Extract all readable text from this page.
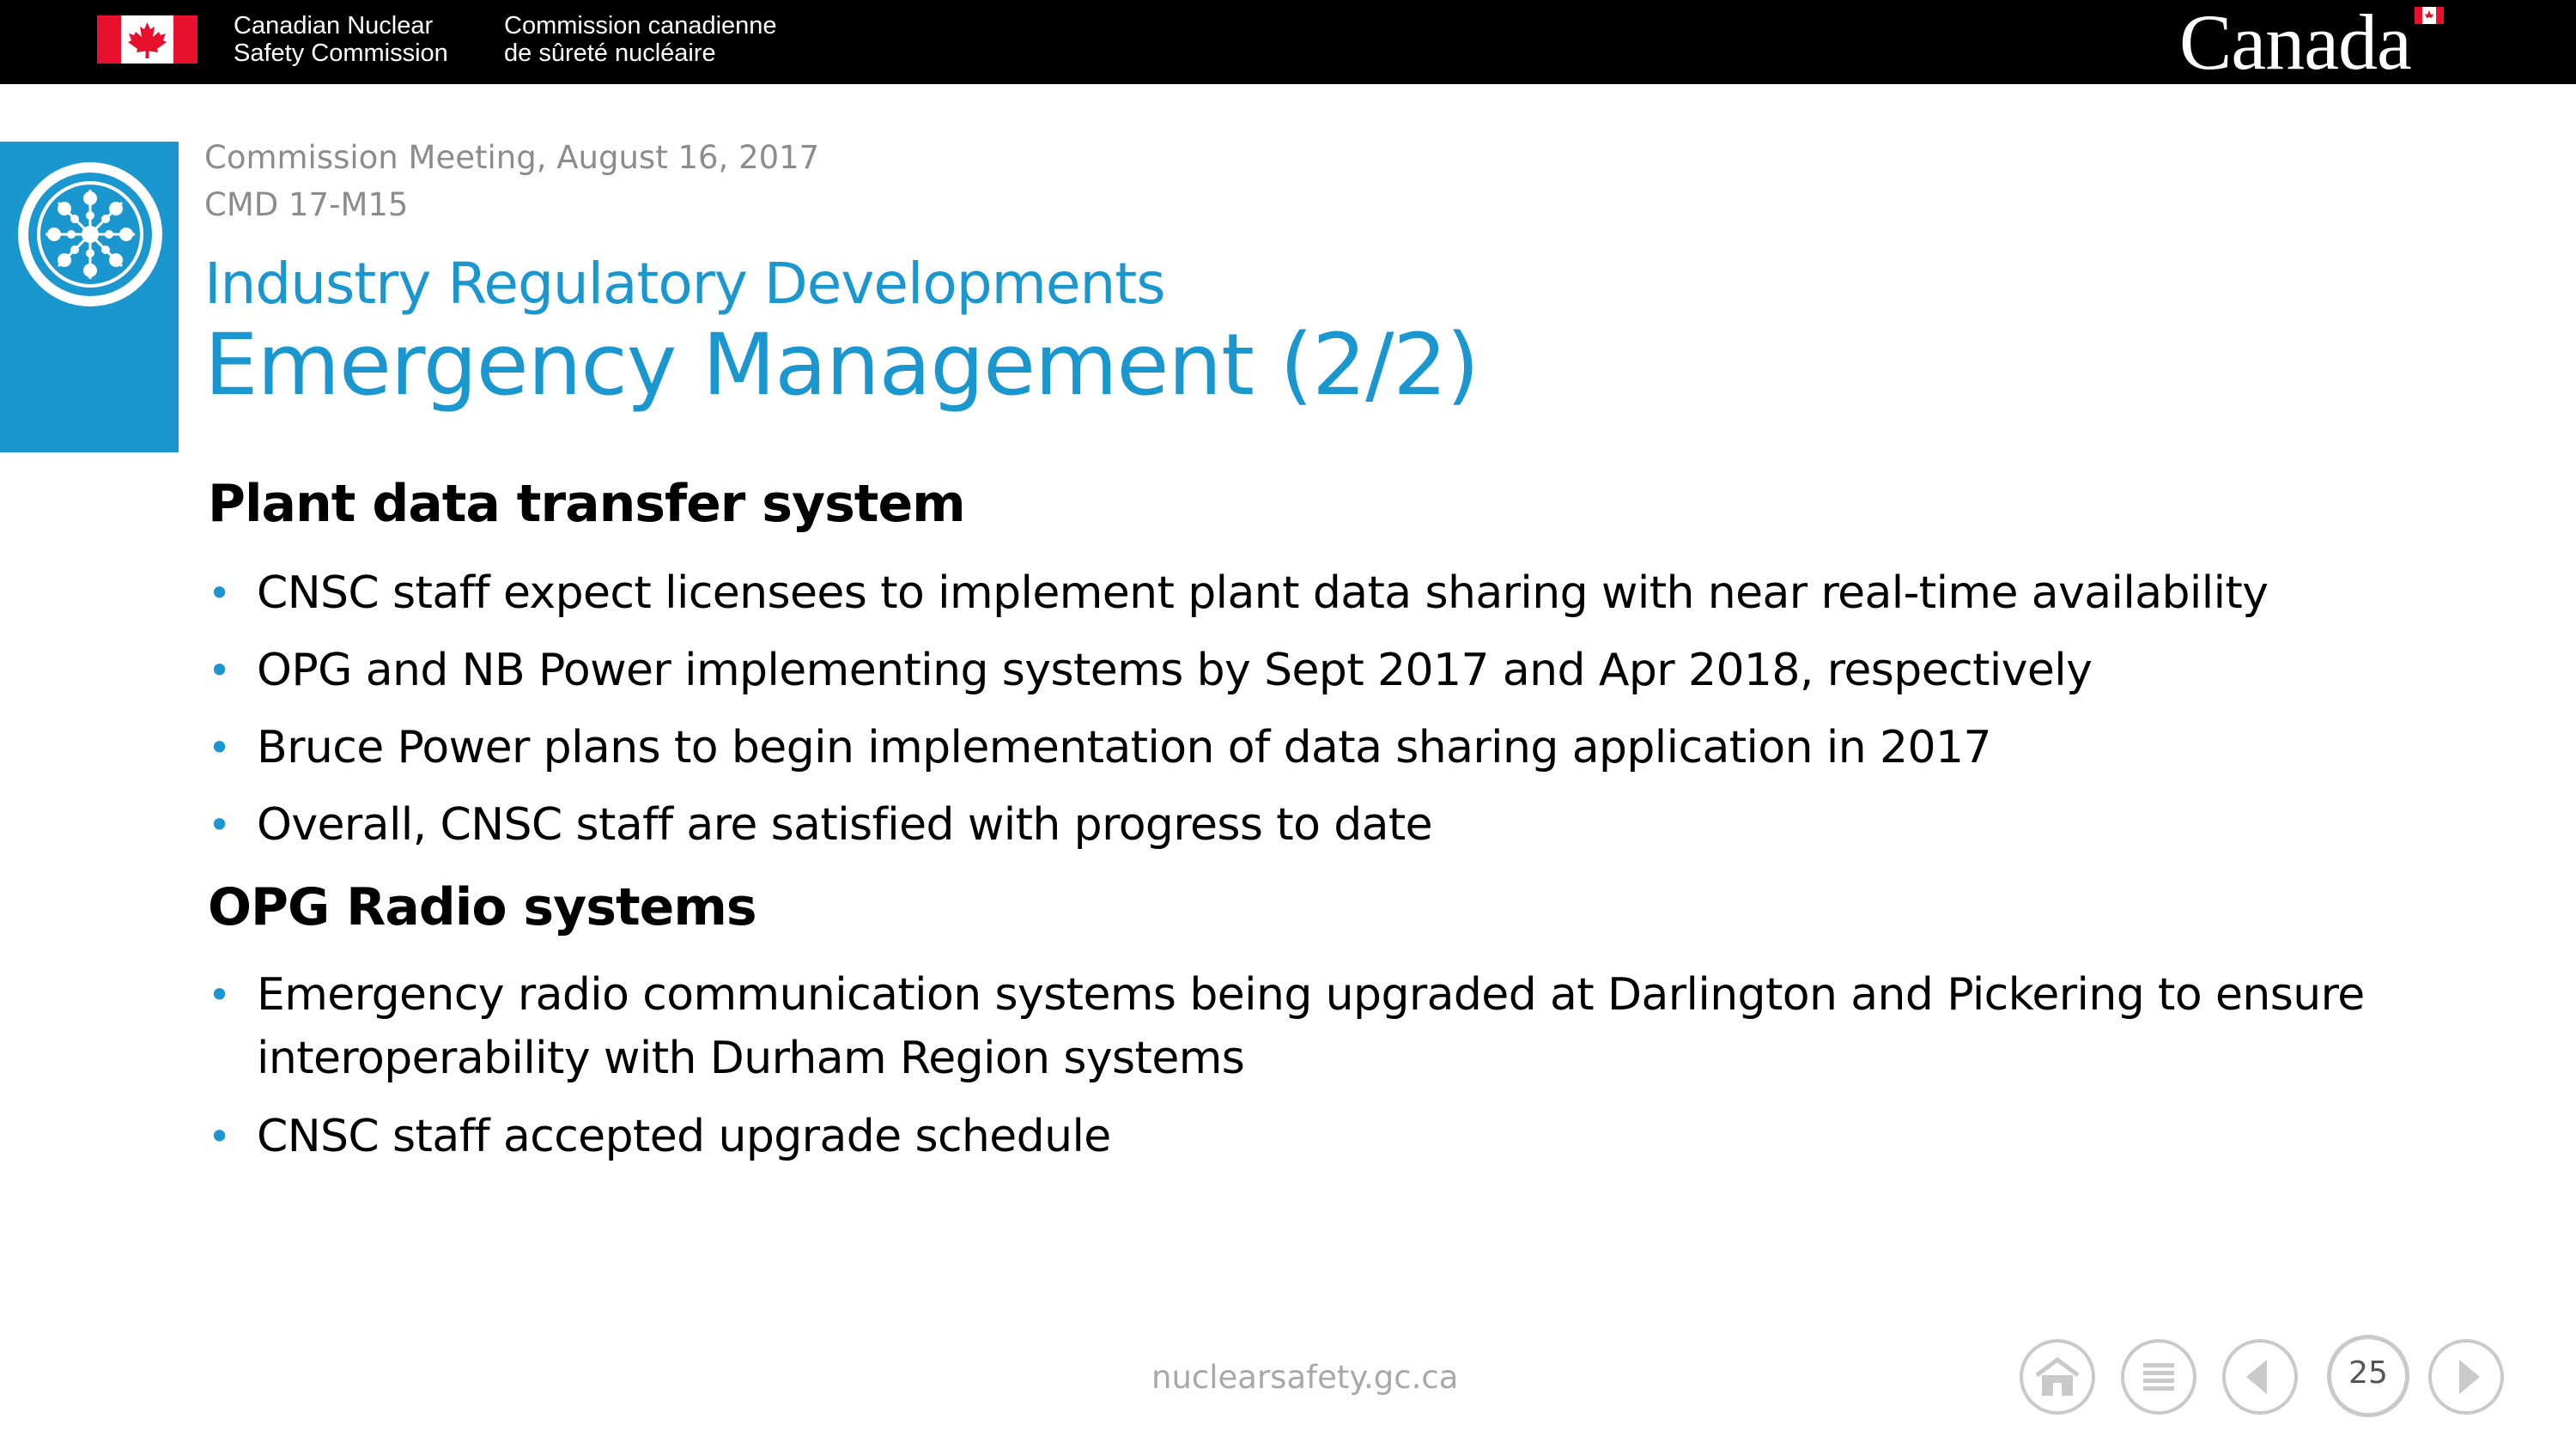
Canadian Nuclear
Safety Commission
Commission canadienne
de sûreté nucléaire	Canada
Commission Meeting, August 16, 2017
CMD 17-M15
Industry Regulatory Developments
Emergency Management (2/2)
Plant data transfer system
• CNSC staff expect licensees to implement plant data sharing with near real-time availability
• OPG and NB Power implementing systems by Sept 2017 and Apr 2018, respectively
• Bruce Power plans to begin implementation of data sharing application in 2017
• Overall, CNSC staff are satisfied with progress to date
OPG Radio systems
• Emergency radio communication systems being upgraded at Darlington and Pickering to ensure interoperability with Durham Region systems
• CNSC staff accepted upgrade schedule
nuclearsafety.gc.ca	25
